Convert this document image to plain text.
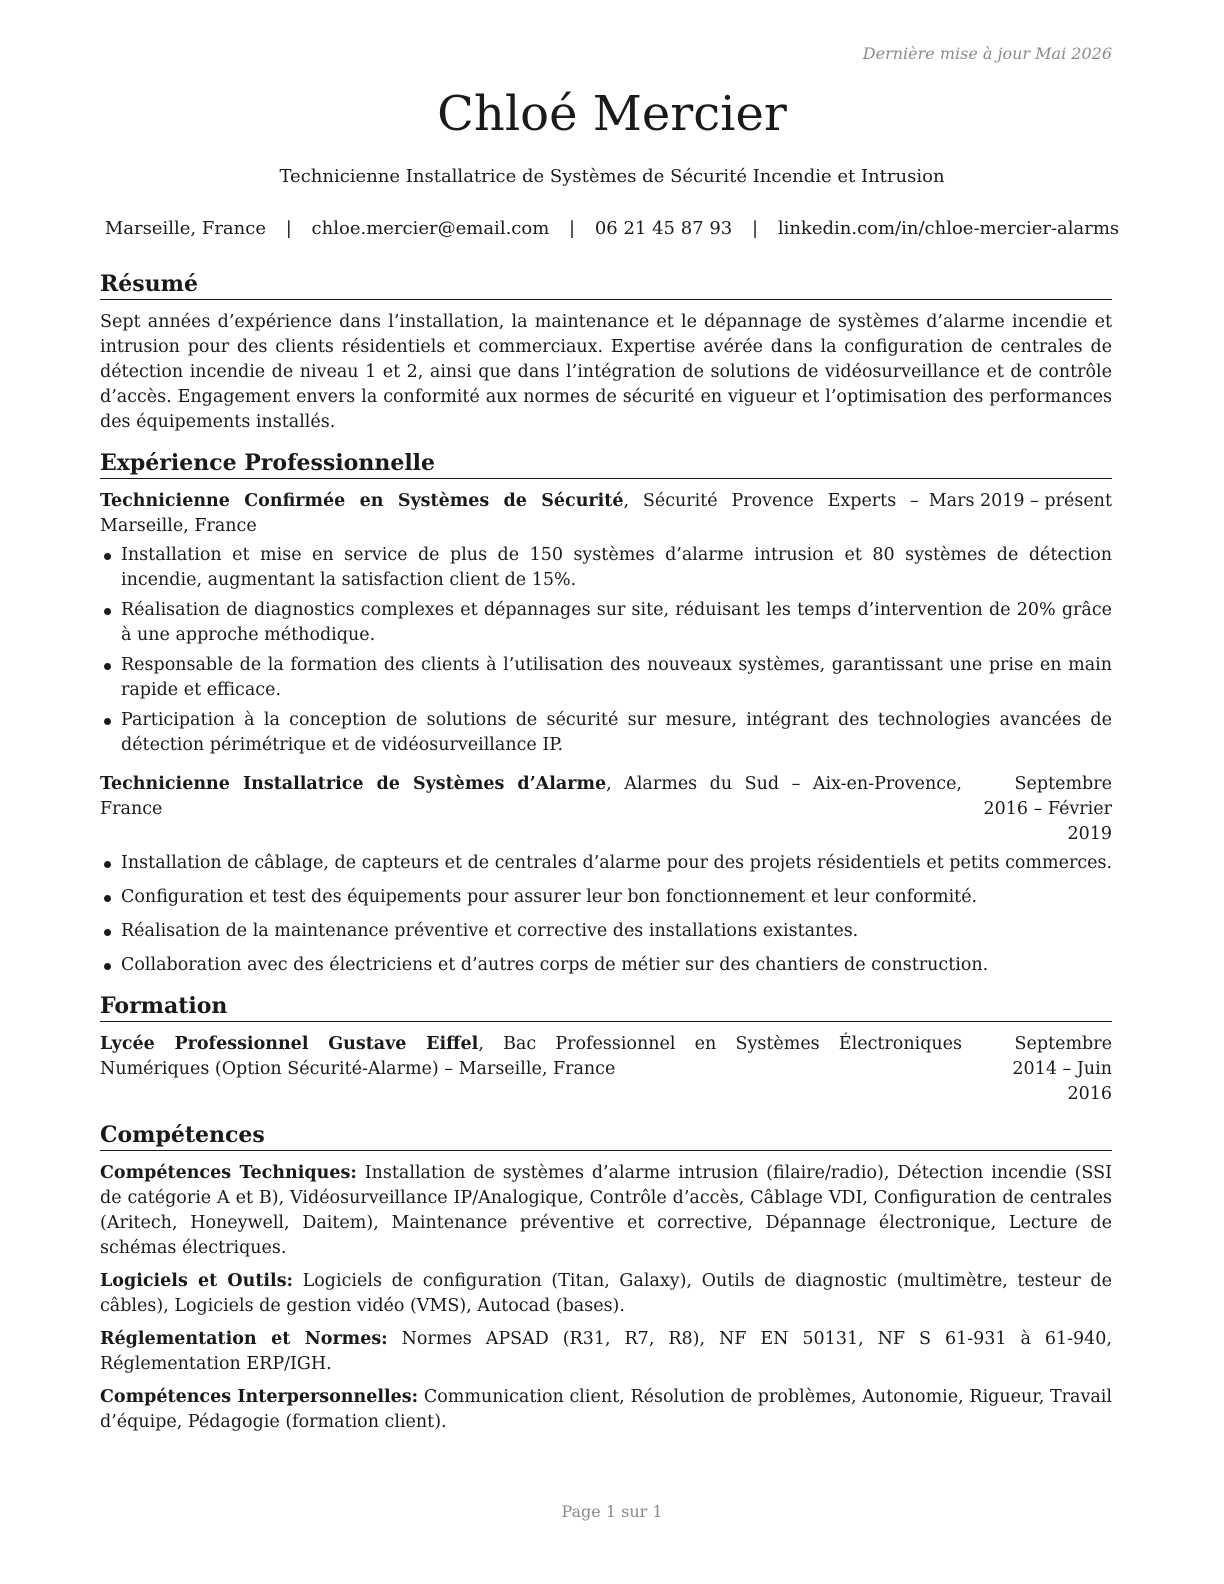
Dernière mise à jour Mai 2026
Chloé Mercier
Technicienne Installatrice de Systèmes de Sécurité Incendie et Intrusion
Marseille, France | chloe.mercier@email.com | 06 21 45 87 93 | linkedin.com/in/chloe-mercier-alarms
Résumé

Sept années d’expérience dans l’installation, la maintenance et le dépannage de systèmes d’alarme incendie et intrusion pour des clients résidentiels et commerciaux. Expertise avérée dans la configuration de centrales de détection incendie de niveau 1 et 2, ainsi que dans l’intégration de solutions de vidéosurveillance et de contrôle d’accès. Engagement envers la conformité aux normes de sécurité en vigueur et l’optimisation des performances des équipements installés.

Expérience Professionnelle
Technicienne Confirmée en Systèmes de Sécurité, Sécurité Provence Experts – Marseille, France
Mars 2019 – présent
Installation et mise en service de plus de 150 systèmes d’alarme intrusion et 80 systèmes de détection incendie, augmentant la satisfaction client de 15%.
Réalisation de diagnostics complexes et dépannages sur site, réduisant les temps d’intervention de 20% grâce à une approche méthodique.
Responsable de la formation des clients à l’utilisation des nouveaux systèmes, garantissant une prise en main rapide et efficace.
Participation à la conception de solutions de sécurité sur mesure, intégrant des technologies avancées de détection périmétrique et de vidéosurveillance IP.
Technicienne Installatrice de Systèmes d’Alarme, Alarmes du Sud – Aix-en-Provence, France
Septembre 2016 – Février 2019
Installation de câblage, de capteurs et de centrales d’alarme pour des projets résidentiels et petits commerces.
Configuration et test des équipements pour assurer leur bon fonctionnement et leur conformité.
Réalisation de la maintenance préventive et corrective des installations existantes.
Collaboration avec des électriciens et d’autres corps de métier sur des chantiers de construction.
Formation
Lycée Professionnel Gustave Eiffel, Bac Professionnel en Systèmes Électroniques Numériques (Option Sécurité-Alarme) – Marseille, France
Septembre 2014 – Juin 2016
Compétences

Compétences Techniques: Installation de systèmes d’alarme intrusion (filaire/radio), Détection incendie (SSI de catégorie A et B), Vidéosurveillance IP/Analogique, Contrôle d’accès, Câblage VDI, Configuration de centrales (Aritech, Honeywell, Daitem), Maintenance préventive et corrective, Dépannage électronique, Lecture de schémas électriques.

Logiciels et Outils: Logiciels de configuration (Titan, Galaxy), Outils de diagnostic (multimètre, testeur de câbles), Logiciels de gestion vidéo (VMS), Autocad (bases).

Réglementation et Normes: Normes APSAD (R31, R7, R8), NF EN 50131, NF S 61-931 à 61-940, Réglementation ERP/IGH.

Compétences Interpersonnelles: Communication client, Résolution de problèmes, Autonomie, Rigueur, Travail d’équipe, Pédagogie (formation client).

Page 1 sur 1
